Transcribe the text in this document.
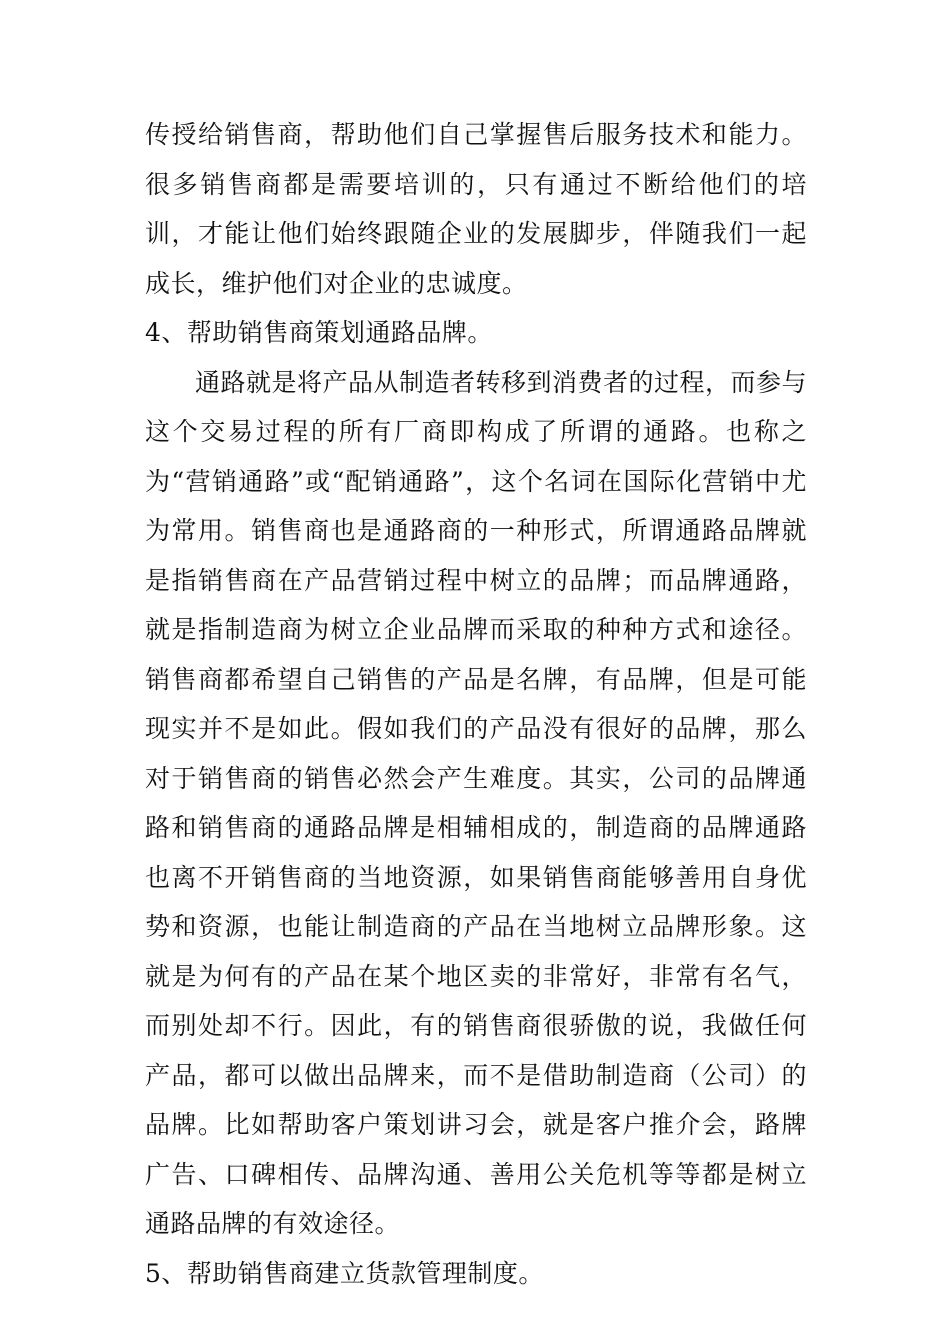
传授给销售商，帮助他们自己掌握售后服务技术和能力。很多销售商都是需要培训的，只有通过不断给他们的培训，才能让他们始终跟随企业的发展脚步，伴随我们一起成长，维护他们对企业的忠诚度。

4、帮助销售商策划通路品牌。

通路就是将产品从制造者转移到消费者的过程，而参与这个交易过程的所有厂商即构成了所谓的通路。也称之为“营销通路”或“配销通路”，这个名词在国际化营销中尤为常用。销售商也是通路商的一种形式，所谓通路品牌就是指销售商在产品营销过程中树立的品牌；而品牌通路，就是指制造商为树立企业品牌而采取的种种方式和途径。销售商都希望自己销售的产品是名牌，有品牌，但是可能现实并不是如此。假如我们的产品没有很好的品牌，那么对于销售商的销售必然会产生难度。其实，公司的品牌通路和销售商的通路品牌是相辅相成的，制造商的品牌通路也离不开销售商的当地资源，如果销售商能够善用自身优势和资源，也能让制造商的产品在当地树立品牌形象。这就是为何有的产品在某个地区卖的非常好，非常有名气，而别处却不行。因此，有的销售商很骄傲的说，我做任何产品，都可以做出品牌来，而不是借助制造商（公司）的品牌。比如帮助客户策划讲习会，就是客户推介会，路牌广告、口碑相传、品牌沟通、善用公关危机等等都是树立通路品牌的有效途径。

5、帮助销售商建立货款管理制度。
